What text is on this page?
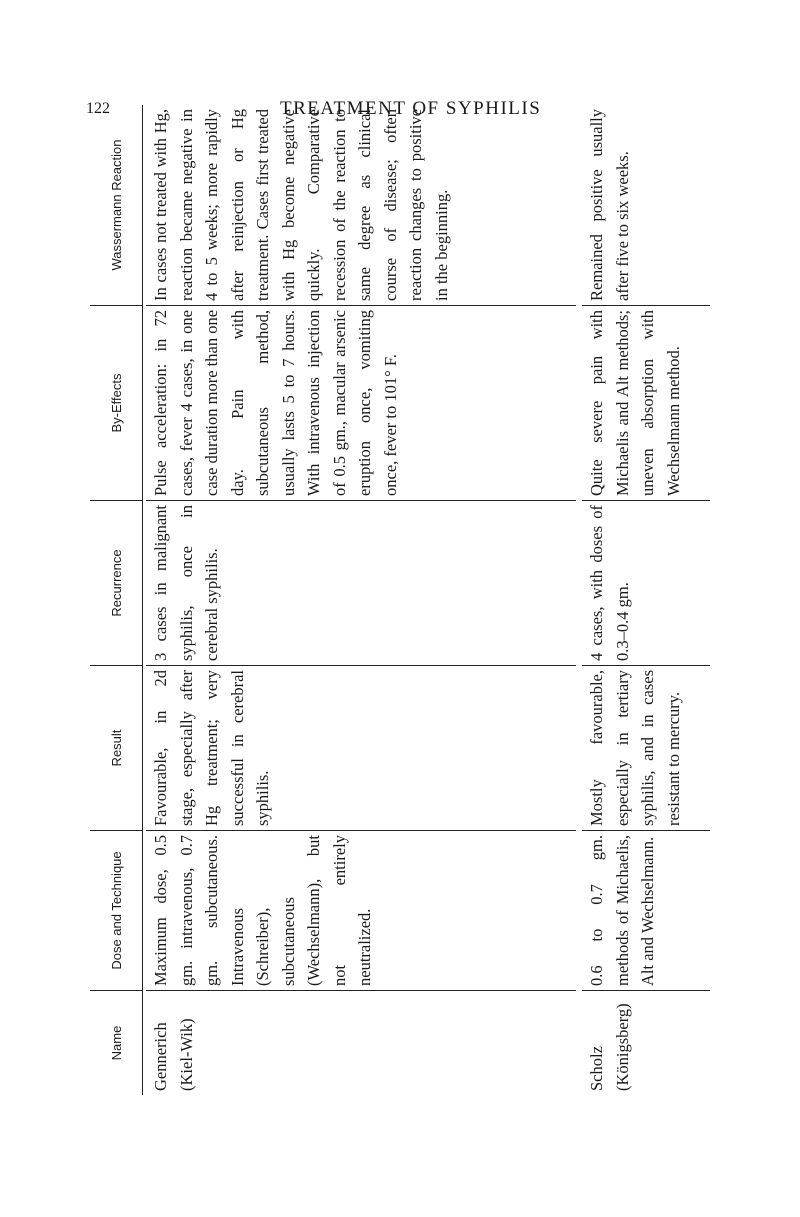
122	TREATMENT OF SYPHILIS
Name
Dose and Technique
Result
Recurrence
By-Effects
Wassermann Reaction
Gennerich (Kiel-Wik)
Maximum dose, 0.5 gm. intravenous, 0.7 gm. subcutaneous. Intravenous (Schreiber), subcutaneous (Wechselmann), but not entirely neutralized.
Favourable, in 2d stage, especially after Hg treatment; very successful in cerebral syphilis.
3 cases in malignant syphilis, once in cerebral syphilis.
Pulse acceleration: in 72 cases, fever 4 cases, in one case duration more than one day. Pain with subcutaneous method, usually lasts 5 to 7 hours. With intravenous injection of 0.5 gm., macular arsenic eruption once, vomiting once, fever to 101° F.
In cases not treated with Hg, reaction became negative in 4 to 5 weeks; more rapidly after reinjection or Hg treatment. Cases first treated with Hg become negative quickly. Comparative recession of the reaction to same degree as clinical course of disease; often reaction changes to positive in the beginning.
Scholz (Königsberg)
0.6 to 0.7 gm. methods of Michaelis, Alt and Wechselmann.
Mostly favourable, especially in tertiary syphilis, and in cases resistant to mercury.
4 cases, with doses of 0.3–0.4 gm.
Quite severe pain with Michaelis and Alt methods; uneven absorption with Wechselmann method.
Remained positive usually after five to six weeks.
